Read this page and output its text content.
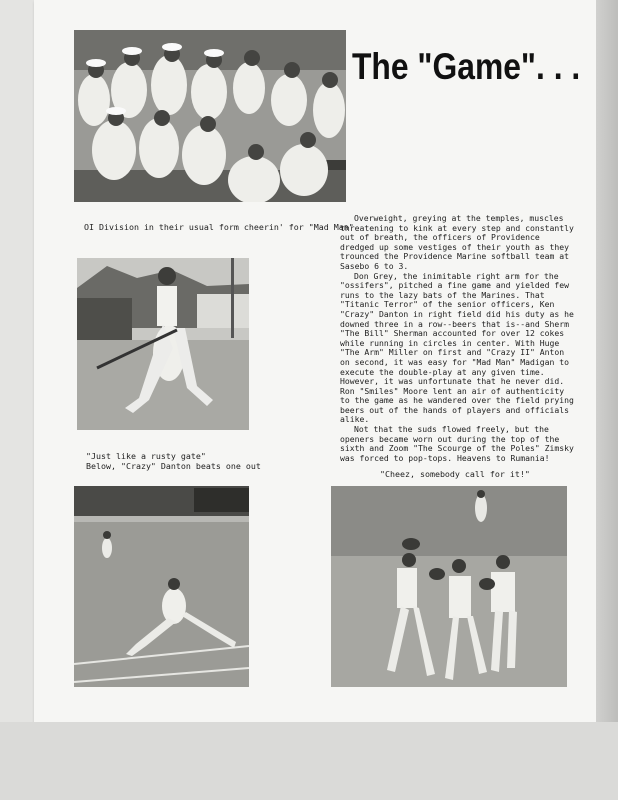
The "Game". . .
OI Division in their usual form cheerin' for "Mad Man"
"Just like a rusty gate"
Below, "Crazy" Danton beats one out

Overweight, greying at the temples, muscles threatening to kink at every step and constantly out of breath, the officers of Providence dredged up some vestiges of their youth as they trounced the Providence Marine softball team at Sasebo 6 to 3.

Don Grey, the inimitable right arm for the "ossifers", pitched a fine game and yielded few runs to the lazy bats of the Marines. That "Titanic Terror" of the senior officers, Ken "Crazy" Danton in right field did his duty as he downed three in a row--beers that is--and Sherm "The Bill" Sherman accounted for over 12 cokes while running in circles in center. With Huge "The Arm" Miller on first and "Crazy II" Anton on second, it was easy for "Mad Man" Madigan to execute the double-play at any given time. However, it was unfortunate that he never did. Ron "Smiles" Moore lent an air of authenticity to the game as he wandered over the field prying beers out of the hands of players and officials alike.

Not that the suds flowed freely, but the openers became worn out during the top of the sixth and Zoom "The Scourge of the Poles" Zimsky was forced to pop-tops. Heavens to Rumania!

"Cheez, somebody call for it!"
